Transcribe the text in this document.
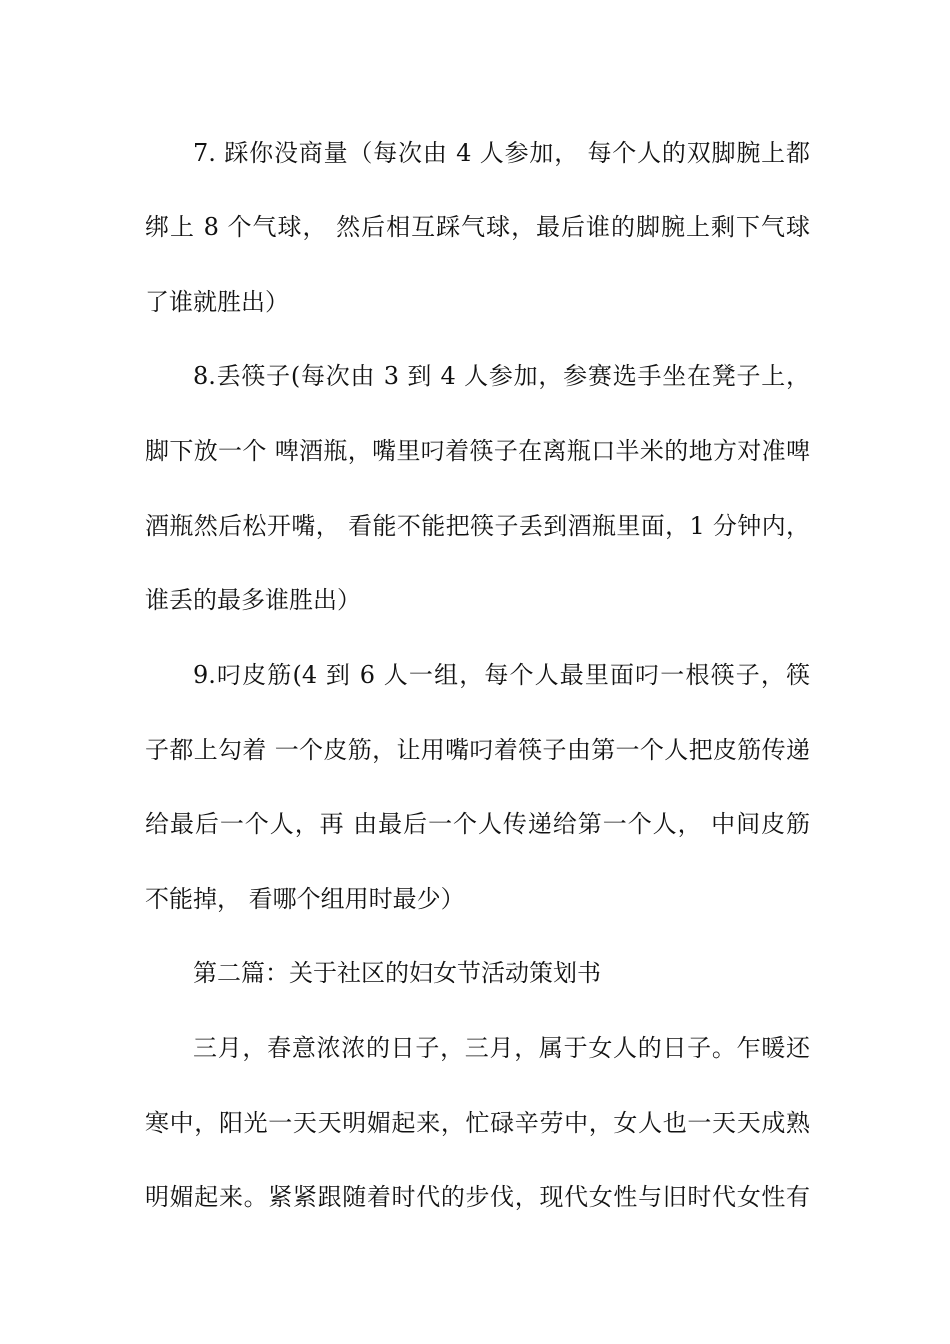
7. 踩你没商量（每次由 4 人参加， 每个人的双脚腕上都
绑上 8 个气球， 然后相互踩气球，最后谁的脚腕上剩下气球
了谁就胜出）
8.丢筷子(每次由 3 到 4 人参加，参赛选手坐在凳子上，
脚下放一个 啤酒瓶，嘴里叼着筷子在离瓶口半米的地方对准啤
酒瓶然后松开嘴， 看能不能把筷子丢到酒瓶里面，1 分钟内，
谁丢的最多谁胜出）
9.叼皮筋(4 到 6 人一组，每个人最里面叼一根筷子，筷
子都上勾着 一个皮筋，让用嘴叼着筷子由第一个人把皮筋传递
给最后一个人，再 由最后一个人传递给第一个人， 中间皮筋
不能掉， 看哪个组用时最少）
第二篇：关于社区的妇女节活动策划书
三月，春意浓浓的日子，三月，属于女人的日子。乍暖还
寒中，阳光一天天明媚起来，忙碌辛劳中，女人也一天天成熟
明媚起来。紧紧跟随着时代的步伐，现代女性与旧时代女性有
